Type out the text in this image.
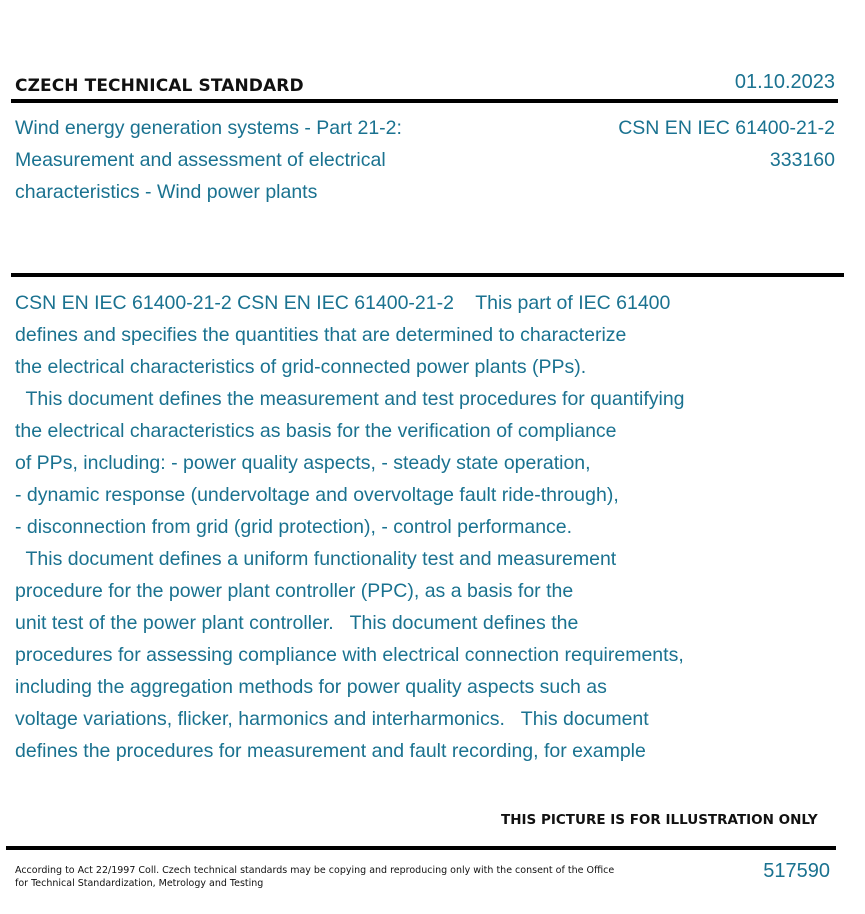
CZECH TECHNICAL STANDARD	01.10.2023
Wind energy generation systems - Part 21-2:
Measurement and assessment of electrical
characteristics - Wind power plants
CSN EN IEC 61400-21-2
333160
CSN EN IEC 61400-21-2 CSN EN IEC 61400-21-2    This part of IEC 61400
defines and specifies the quantities that are determined to characterize
the electrical characteristics of grid-connected power plants (PPs).
This document defines the measurement and test procedures for quantifying
the electrical characteristics as basis for the verification of compliance
of PPs, including: - power quality aspects, - steady state operation,
- dynamic response (undervoltage and overvoltage fault ride-through),
- disconnection from grid (grid protection), - control performance.
This document defines a uniform functionality test and measurement
procedure for the power plant controller (PPC), as a basis for the
unit test of the power plant controller.   This document defines the
procedures for assessing compliance with electrical connection requirements,
including the aggregation methods for power quality aspects such as
voltage variations, flicker, harmonics and interharmonics.   This document
defines the procedures for measurement and fault recording, for example
THIS PICTURE IS FOR ILLUSTRATION ONLY
According to Act 22/1997 Coll. Czech technical standards may be copying and reproducing only with the consent of the Office
for Technical Standardization, Metrology and Testing
517590
